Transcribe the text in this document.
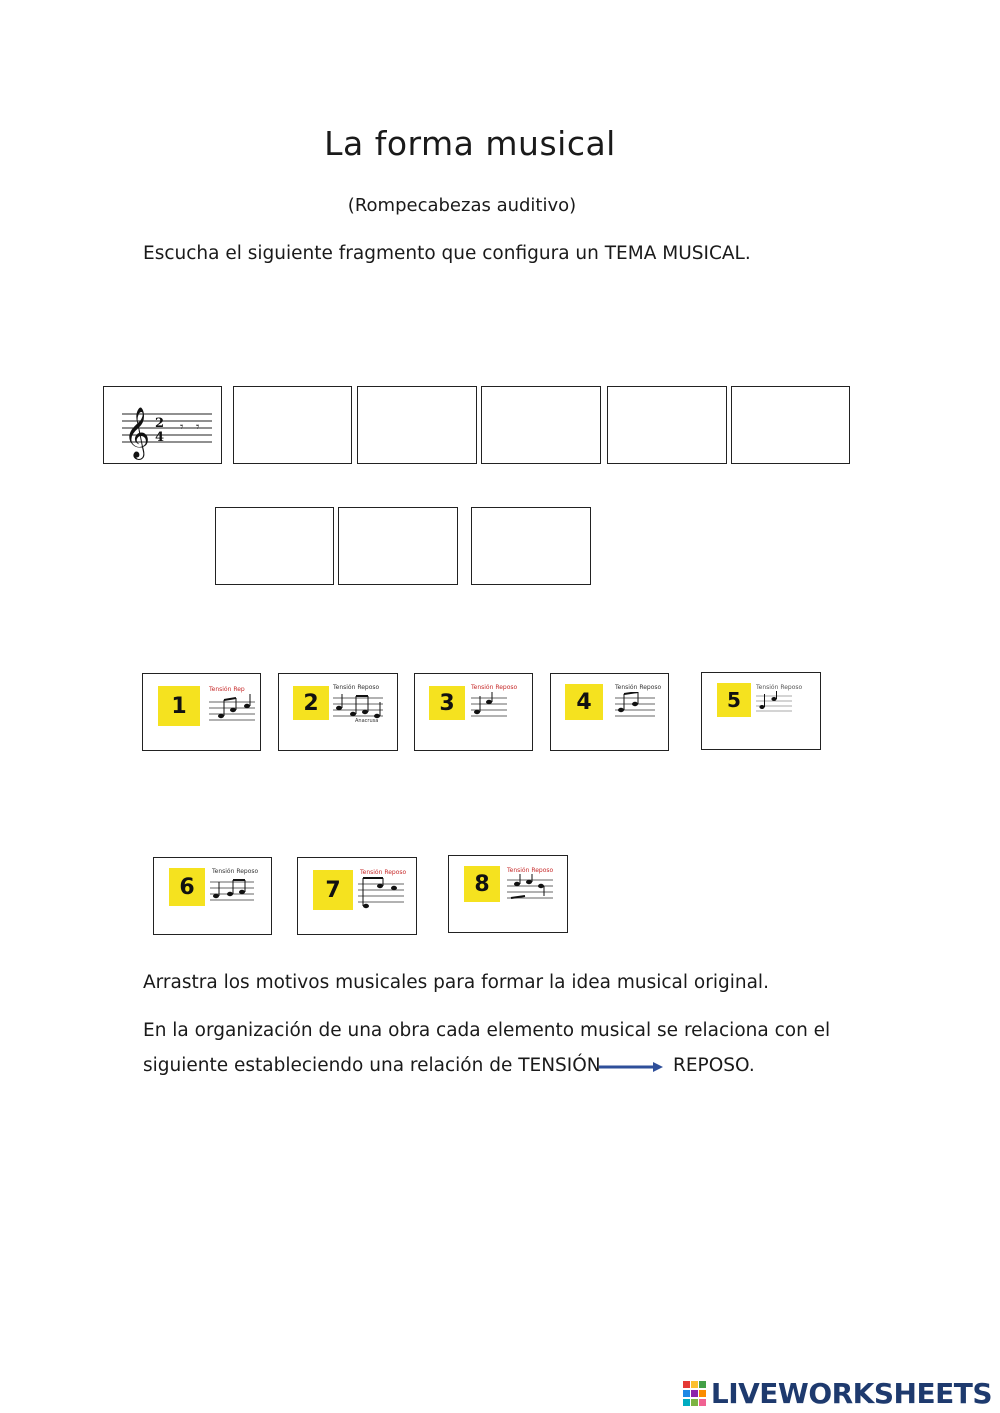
La forma musical
(Rompecabezas auditivo)
Escucha el siguiente fragmento que configura un TEMA MUSICAL.
𝄞 2
4
𝄾 𝄾
1
Tensión Rep
2
Tensión Reposo
Anacrusa
3
Tensión Reposo
4
Tensión Reposo
5
Tensión Reposo
6
Tensión Reposo
7
Tensión Reposo	8
Tensión Reposo
Arrastra los motivos musicales para formar la idea musical original.
En la organización de una obra cada elemento musical se relaciona con el
siguiente estableciendo una relación de TENSIÓN	REPOSO.
LIVEWORKSHEETS
